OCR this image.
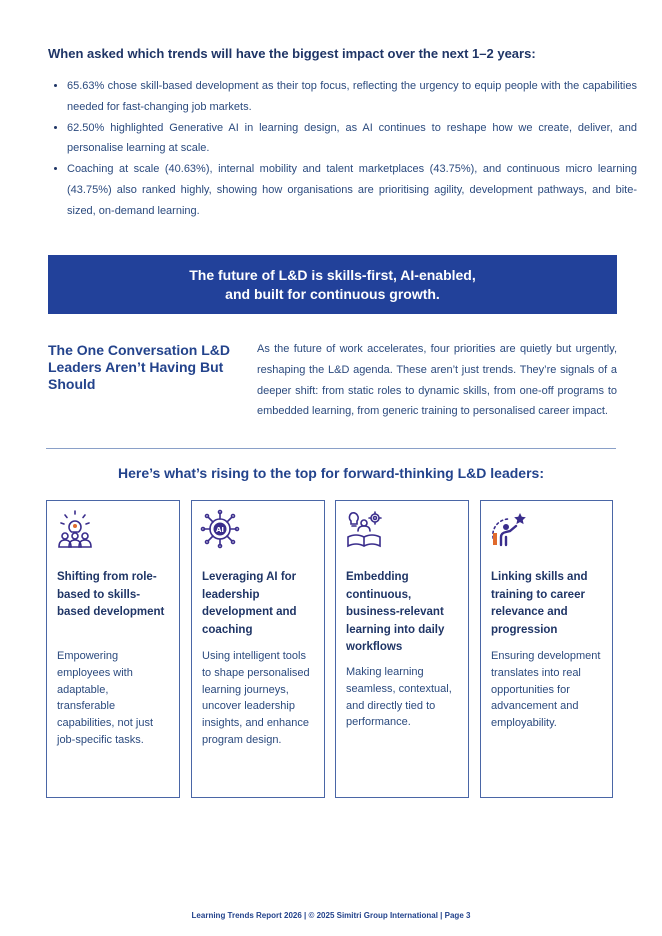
When asked which trends will have the biggest impact over the next 1–2 years:
• 65.63% chose skill-based development as their top focus, reflecting the urgency to equip people with the capabilities needed for fast-changing job markets.
• 62.50% highlighted Generative AI in learning design, as AI continues to reshape how we create, deliver, and personalise learning at scale.
• Coaching at scale (40.63%), internal mobility and talent marketplaces (43.75%), and continuous micro learning (43.75%) also ranked highly, showing how organisations are prioritising agility, development pathways, and bite-sized, on-demand learning.
The future of L&D is skills-first, AI-enabled,
and built for continuous growth.
The One Conversation L&D Leaders Aren’t Having But Should

As the future of work accelerates, four priorities are quietly but urgently, reshaping the L&D agenda. These aren’t just trends. They’re signals of a deeper shift: from static roles to dynamic skills, from one-off programs to embedded learning, from generic training to personalised career impact.

Here’s what’s rising to the top for forward-thinking L&D leaders:
Shifting from role-based to skills-based development
Empowering employees with adaptable, transferable capabilities, not just job-specific tasks.
AI
Leveraging AI for leadership development and coaching
Using intelligent tools to shape personalised learning journeys, uncover leadership insights, and enhance program design.
Embedding continuous, business-relevant learning into daily workflows
Making learning seamless, contextual, and directly tied to performance.
Linking skills and training to career relevance and progression
Ensuring development translates into real opportunities for advancement and employability.
Learning Trends Report 2026 | © 2025 Simitri Group International | Page 3
